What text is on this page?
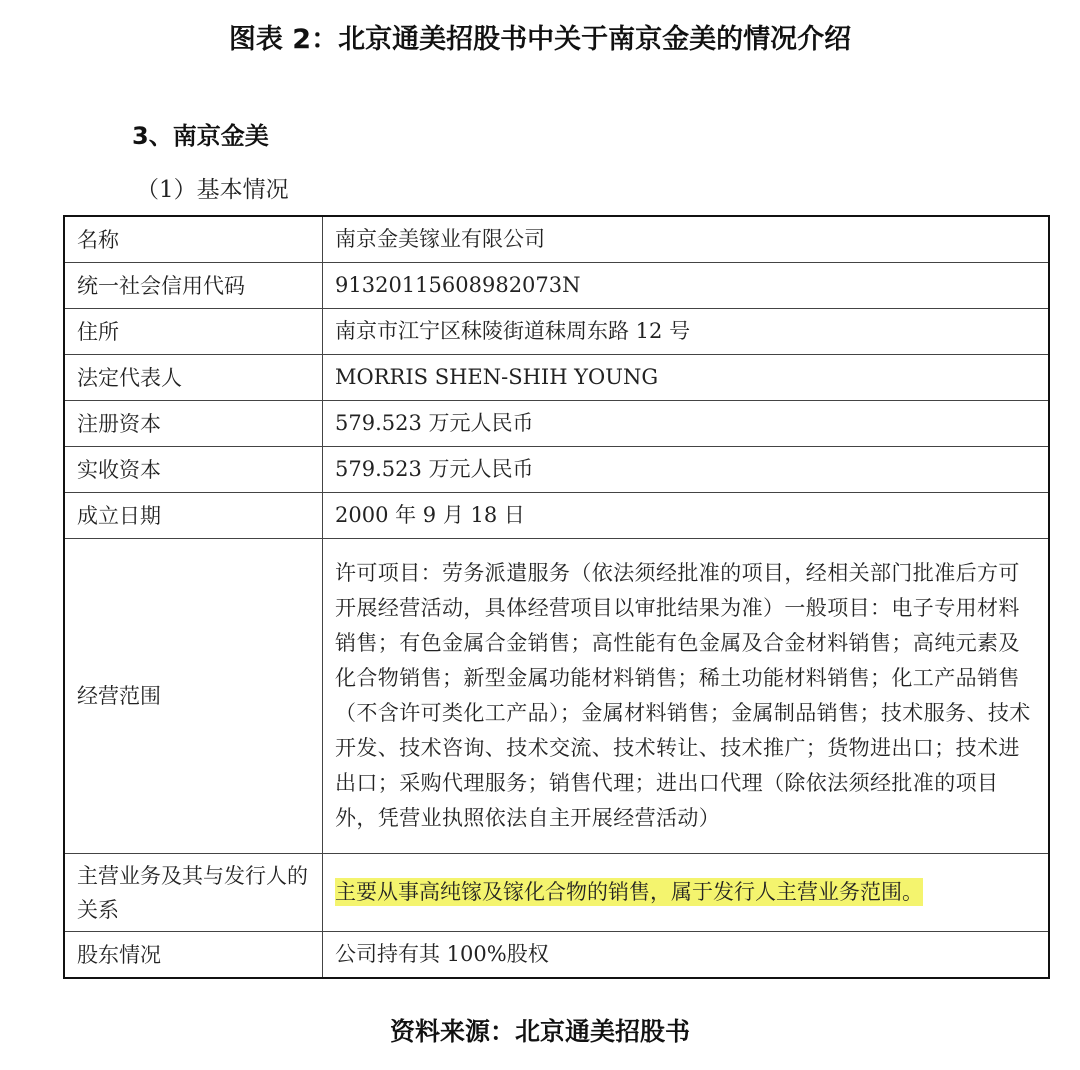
图表 2：北京通美招股书中关于南京金美的情况介绍
3、南京金美
（1）基本情况
名称	南京金美镓业有限公司
统一社会信用代码	9132011560898207‍3N
住所	南京市江宁区秣陵街道秣周东路 12 号
法定代表人	MORRIS SHEN-SHIH YOUNG
注册资本	579.523 万元人民币
实收资本	579.523 万元人民币
成立日期	2000 年 9 月 18 日
经营范围	许可项目：劳务派遣服务（依法须经批准的项目，经相关部门批准后方可开展经营活动，具体经营项目以审批结果为准）一般项目：电子专用材料销售；有色金属合金销售；高性能有色金属及合金材料销售；高纯元素及化合物销售；新型金属功能材料销售；稀土功能材料销售；化工产品销售（不含许可类化工产品）；金属材料销售；金属制品销售；技术服务、技术开发、技术咨询、技术交流、技术转让、技术推广；货物进出口；技术进出口；采购代理服务；销售代理；进出口代理（除依法须经批准的项目外，凭营业执照依法自主开展经营活动）
主营业务及其与发行人的关系	主要从事高纯镓及镓化合物的销售，属于发行人主营业务范围。
股东情况	公司持有其 100%股权
资料来源：北京通美招股书
